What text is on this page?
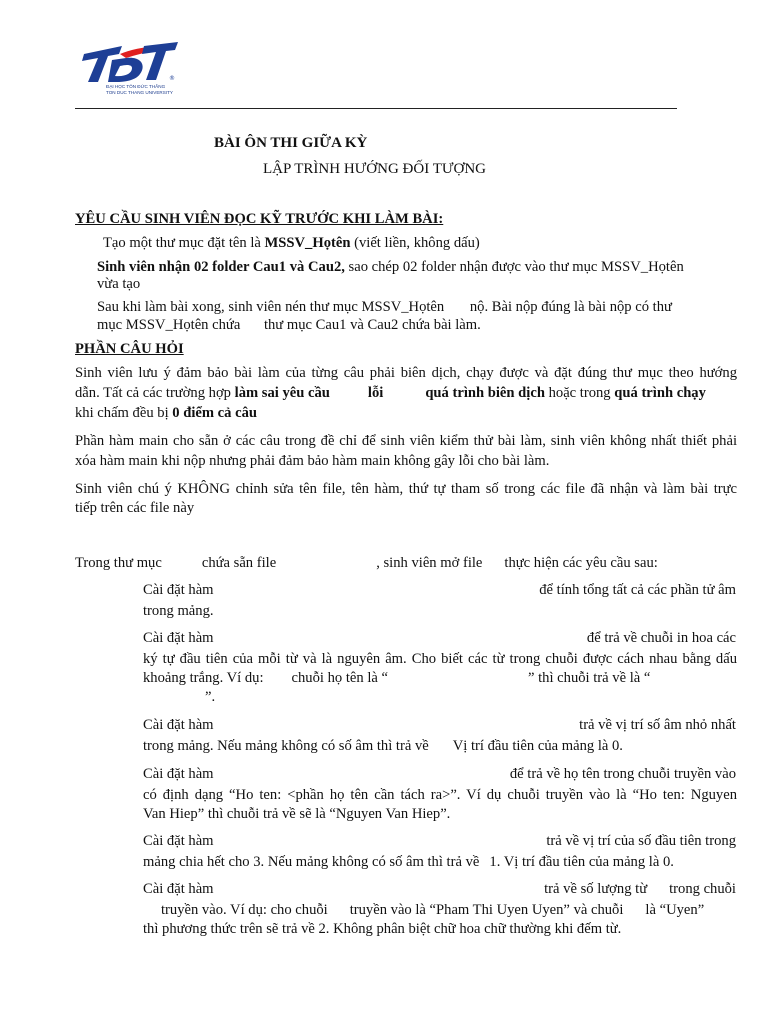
®
ĐẠI HỌC TÔN ĐỨC THẮNG
TON DUC THANG UNIVERSITY
BÀI ÔN THI GIỮA KỲ
LẬP TRÌNH HƯỚNG ĐỐI TƯỢNG
YÊU CẦU SINH VIÊN ĐỌC KỸ TRƯỚC KHI LÀM BÀI:
Tạo một thư mục đặt tên là MSSV_Họtên (viết liền, không dấu)
Sinh viên nhận 02 folder Cau1 và Cau2, sao chép 02 folder nhận được vào thư mục MSSV_Họtên
vừa tạo
Sau khi làm bài xong, sinh viên nén thư mục MSSV_Họtên nộ. Bài nộp đúng là bài nộp có thư
mục MSSV_Họtên chứa thư mục Cau1 và Cau2 chứa bài làm.
PHẦN CÂU HỎI
Sinh viên lưu ý đảm bảo bài làm của từng câu phải biên dịch, chạy được và đặt đúng thư mục theo hướng
dẫn. Tất cả các trường hợp làm sai yêu cầu	lỗi	quá trình biên dịch hoặc trong quá trình chạy
khi chấm đều bị 0 điểm cả câu
Phần hàm main cho sẵn ở các câu trong đề chỉ để sinh viên kiểm thử bài làm, sinh viên không nhất thiết phải
xóa hàm main khi nộp nhưng phải đảm bảo hàm main không gây lỗi cho bài làm.
Sinh viên chú ý KHÔNG chỉnh sửa tên file, tên hàm, thứ tự tham số trong các file đã nhận và làm bài trực
tiếp trên các file này
Trong thư mục	chứa sẵn file	, sinh viên mở file thực hiện các yêu cầu sau:
Cài đặt hàm	để tính tổng tất cả các phần tử âm
trong mảng.
Cài đặt hàm	để trả về chuỗi in hoa các
ký tự đầu tiên của mỗi từ và là nguyên âm. Cho biết các từ trong chuỗi được cách nhau bằng dấu
khoảng trắng. Ví dụ: chuỗi họ tên là “	” thì chuỗi trả về là “
”.
Cài đặt hàm	trả về vị trí số âm nhỏ nhất
trong mảng. Nếu mảng không có số âm thì trả về Vị trí đầu tiên của mảng là 0.
Cài đặt hàm	để trả về họ tên trong chuỗi truyền vào
có định dạng “Ho ten: <phần họ tên cần tách ra>”. Ví dụ chuỗi truyền vào là “Ho ten: Nguyen
Van Hiep” thì chuỗi trả về sẽ là “Nguyen Van Hiep”.
Cài đặt hàm	trả về vị trí của số đầu tiên trong
mảng chia hết cho 3. Nếu mảng không có số âm thì trả về 1. Vị trí đầu tiên của mảng là 0.
Cài đặt hàm	trả về số lượng từ trong chuỗi
truyền vào. Ví dụ: cho chuỗi truyền vào là “Pham Thi Uyen Uyen” và chuỗi là “Uyen”
thì phương thức trên sẽ trả về 2. Không phân biệt chữ hoa chữ thường khi đếm từ.
